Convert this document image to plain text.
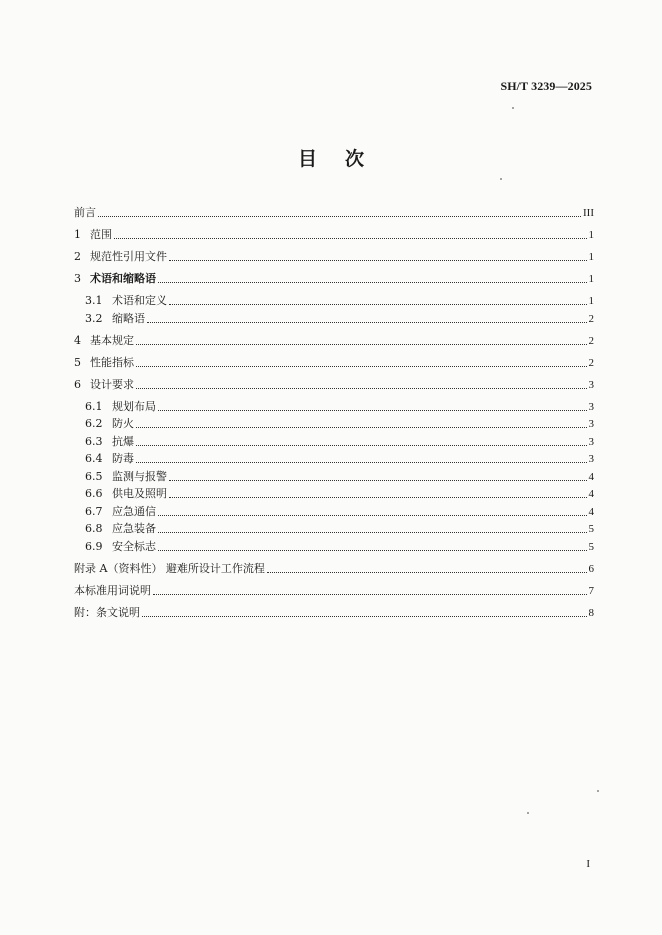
SH/T 3239—2025
目次
前言	III
1 范围	1
2 规范性引用文件	1
3 术语和缩略语	1
3.1 术语和定义	1
3.2 缩略语	2
4 基本规定	2
5 性能指标	2
6 设计要求	3
6.1 规划布局	3
6.2 防火	3
6.3 抗爆	3
6.4 防毒	3
6.5 监测与报警	4
6.6 供电及照明	4
6.7 应急通信	4
6.8 应急装备	5
6.9 安全标志	5
附录 A（资料性） 避难所设计工作流程	6
本标准用词说明	7
附：条文说明	8
I
